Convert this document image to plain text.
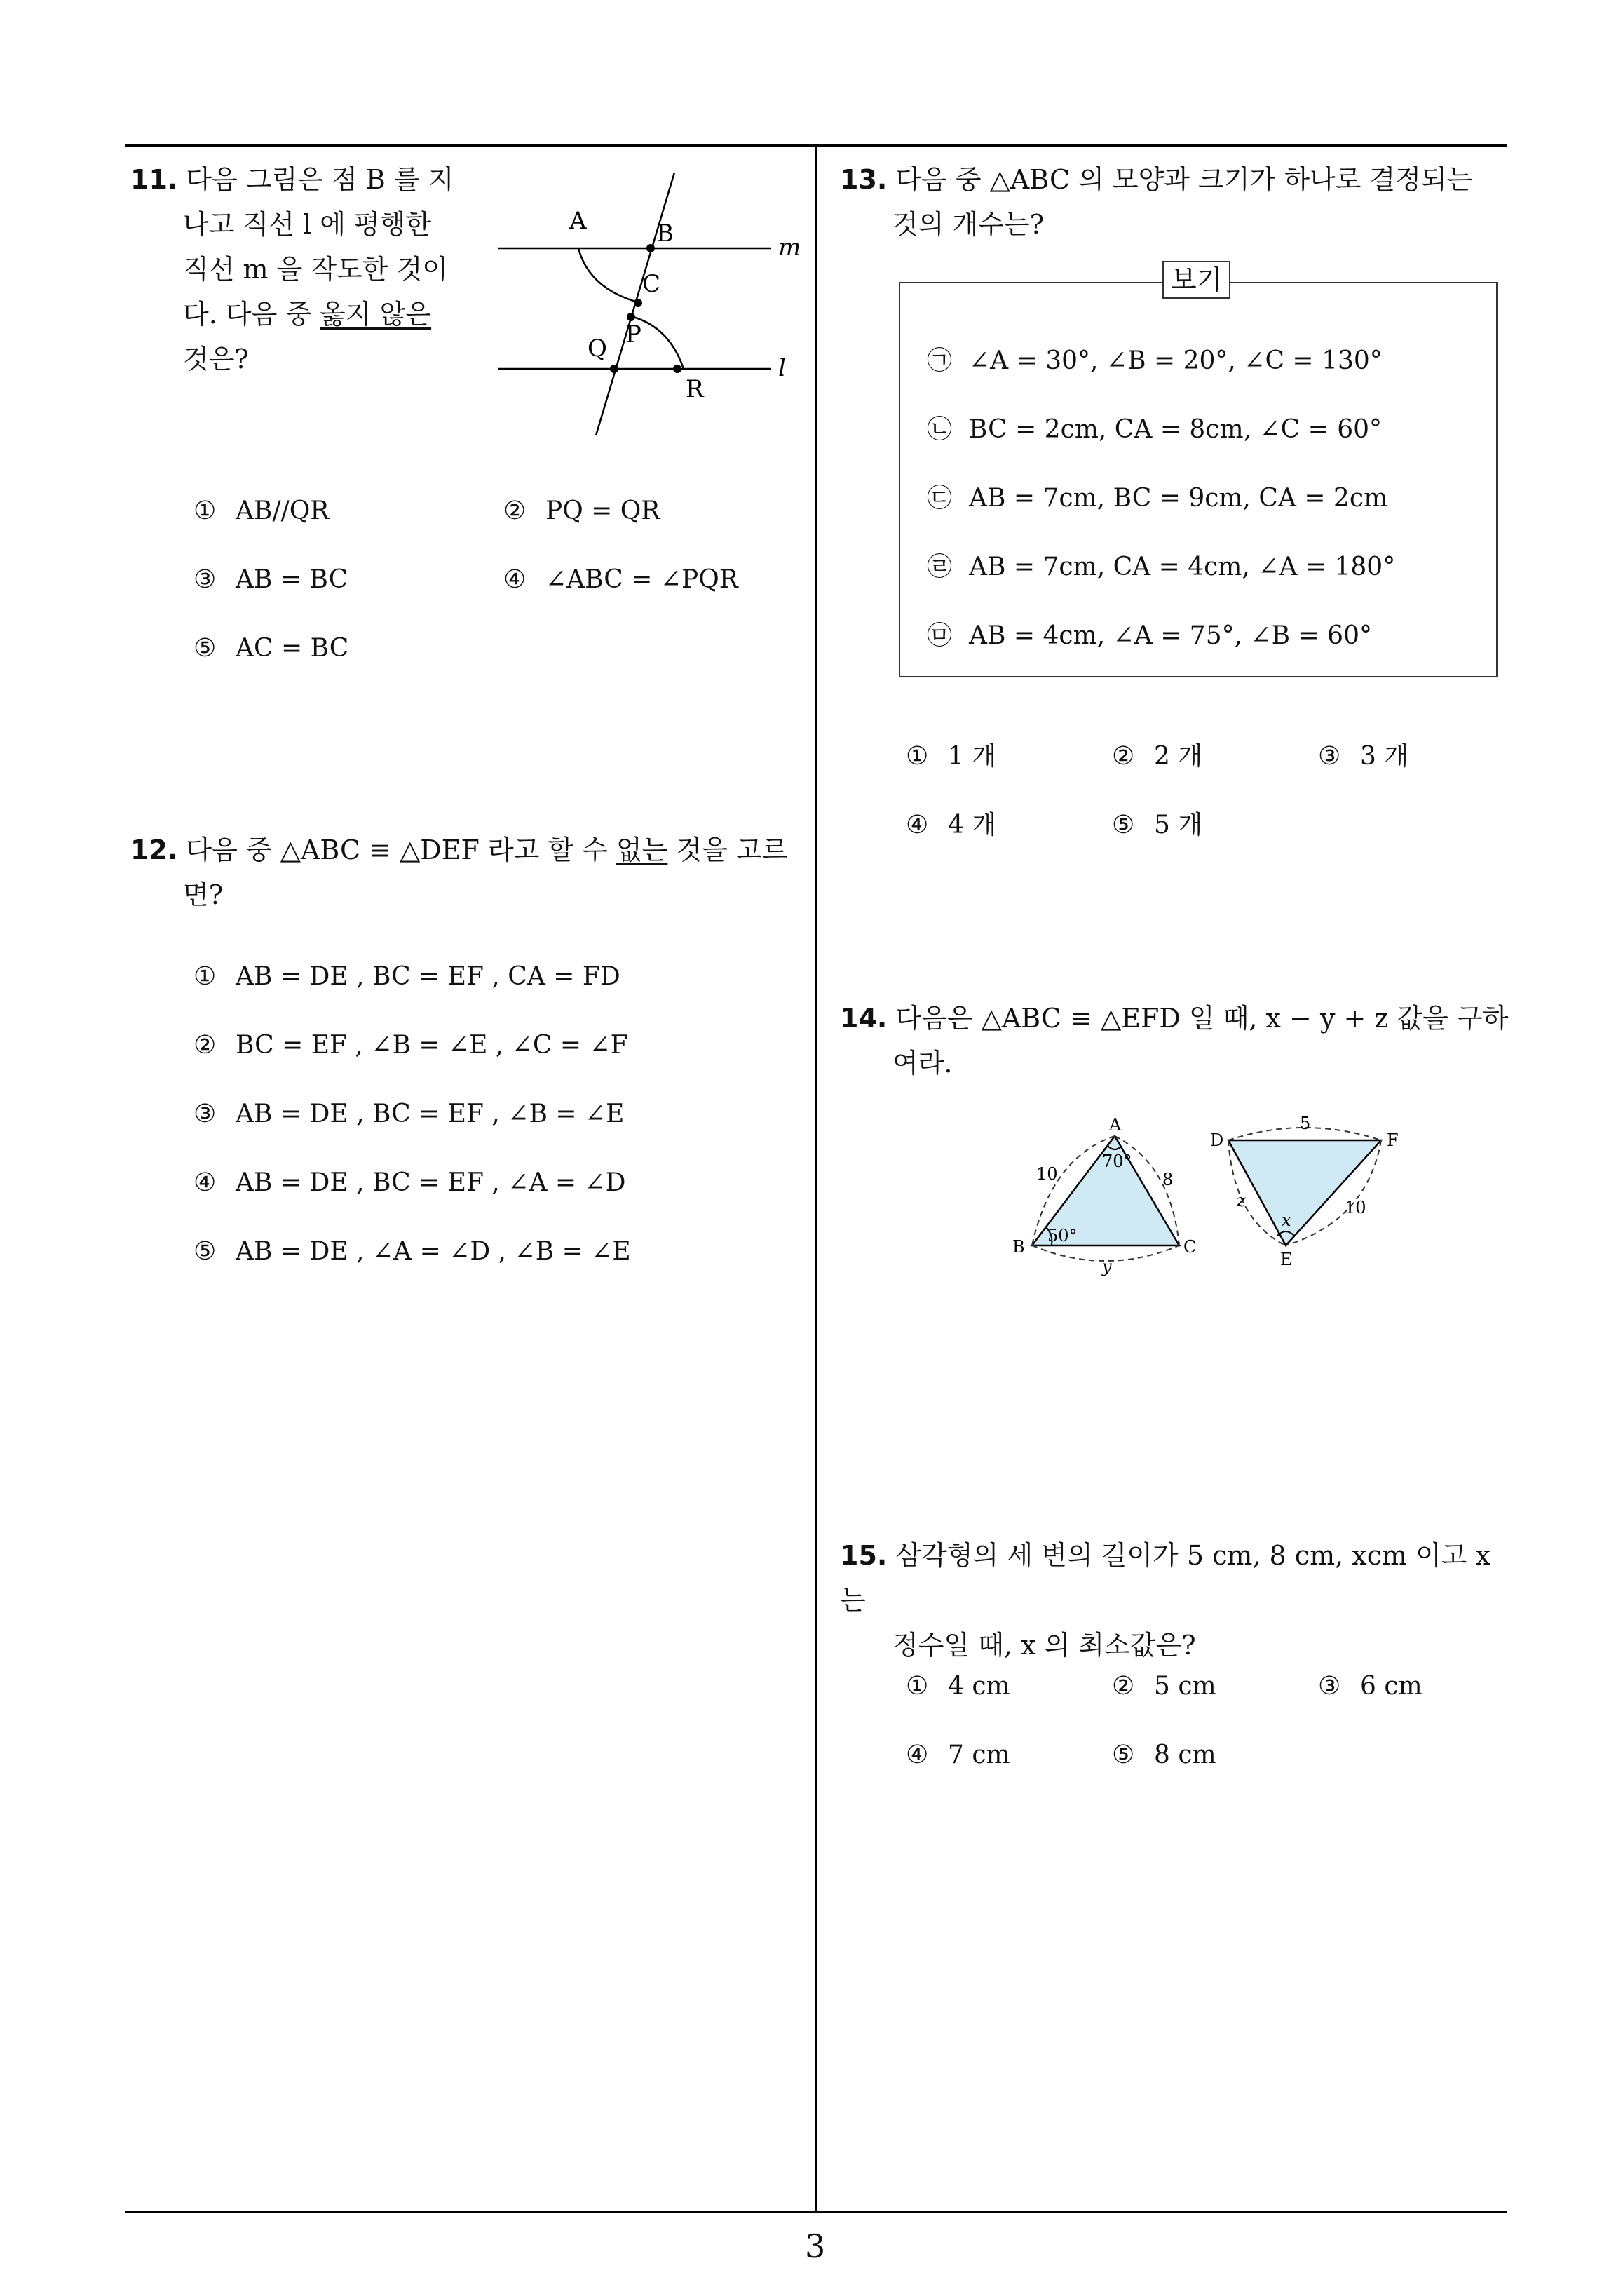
3
11. 다음 그림은 점 B 를 지
나고 직선 l 에 평행한
직선 m 을 작도한 것이
다. 다음 중 옳지 않은
것은?
A	B
C
P
Q
R
m
l
① AB//QR	② PQ = QR
③ AB = BC	④ ∠ABC = ∠PQR
⑤ AC = BC
12. 다음 중 △ABC ≡ △DEF 라고 할 수 없는 것을 고르
면?
① AB = DE , BC = EF , CA = FD
② BC = EF , ∠B = ∠E , ∠C = ∠F
③ AB = DE , BC = EF , ∠B = ∠E
④ AB = DE , BC = EF , ∠A = ∠D
⑤ AB = DE , ∠A = ∠D , ∠B = ∠E
13. 다음 중 △ABC 의 모양과 크기가 하나로 결정되는
것의 개수는?
보기
㉠ ∠A = 30°, ∠B = 20°, ∠C = 130°
㉡ BC = 2cm, CA = 8cm, ∠C = 60°
㉢ AB = 7cm, BC = 9cm, CA = 2cm
㉣ AB = 7cm, CA = 4cm, ∠A = 180°
㉤ AB = 4cm, ∠A = 75°, ∠B = 60°
① 1 개	② 2 개	③ 3 개
④ 4 개	⑤ 5 개
14. 다음은 △ABC ≡ △EFD 일 때, x − y + z 값을 구하
여라.
A
B	C
70°
50°
10	8
y
D	F
E
5
z	10
x
15. 삼각형의 세 변의 길이가 5 cm, 8 cm, xcm 이고 x 는
정수일 때, x 의 최소값은?
① 4 cm	② 5 cm	③ 6 cm
④ 7 cm	⑤ 8 cm
